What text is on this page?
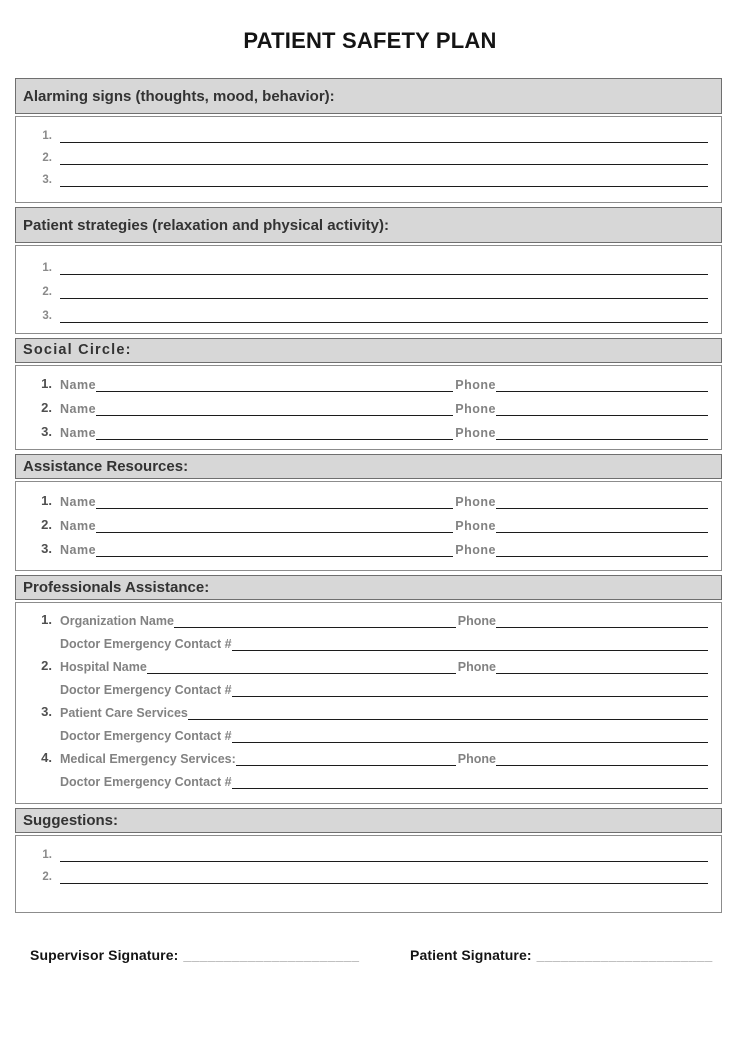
PATIENT SAFETY PLAN
Alarming signs (thoughts, mood, behavior):
1.
2.
3.
Patient strategies (relaxation and physical activity):
1.
2.
3.
Social Circle:
1. Name	Phone
2. Name	Phone
3. Name	Phone
Assistance Resources:
1. Name	Phone
2. Name	Phone
3. Name	Phone
Professionals Assistance:
1. Organization Name	Phone
Doctor Emergency Contact #
2. Hospital Name	Phone
Doctor Emergency Contact #
3. Patient Care Services
Doctor Emergency Contact #
4. Medical Emergency Services:	Phone
Doctor Emergency Contact #
Suggestions:
1.
2.
Supervisor Signature: ______________________	Patient Signature: ______________________
